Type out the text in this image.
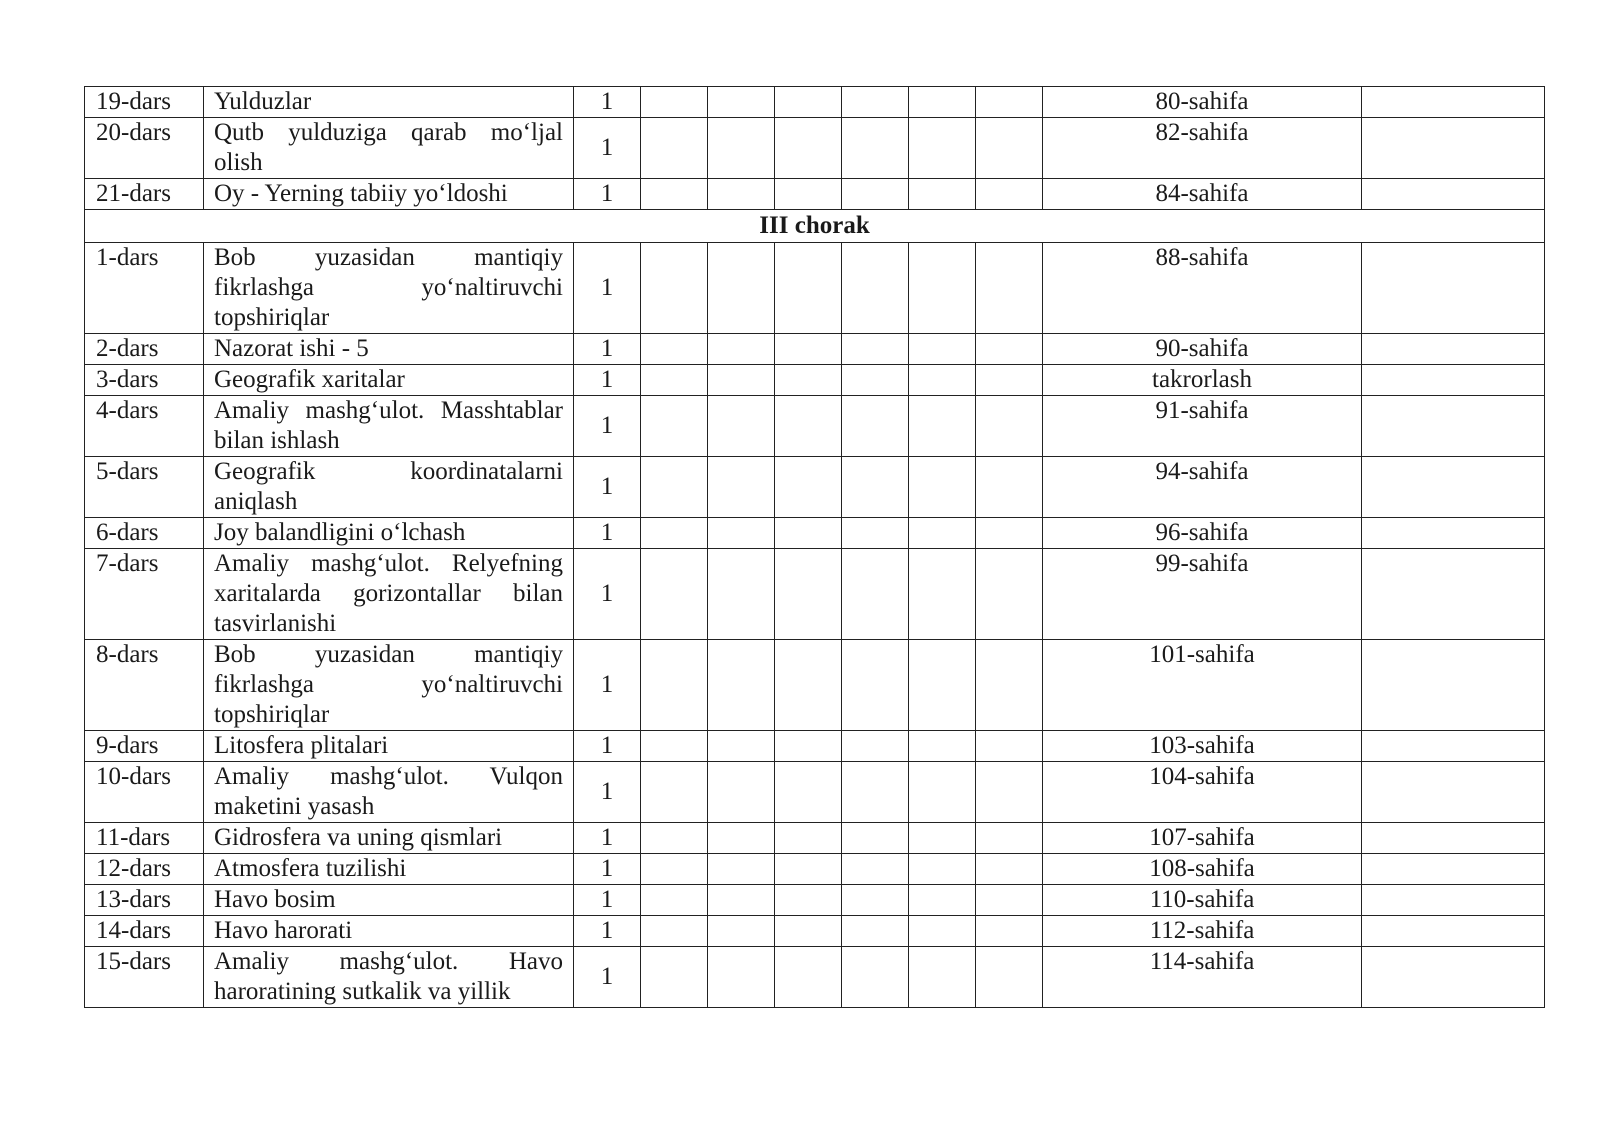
19-dars	Yulduzlar	1							80-sahifa	
20-dars	Qutb yulduziga qarab mo‘ljal olish	1							82-sahifa	
21-dars	Oy - Yerning tabiiy yo‘ldoshi	1							84-sahifa	
III chorak										
1-dars	Bob yuzasidan mantiqiy fikrlashga yo‘naltiruvchi topshiriqlar	1							88-sahifa	
2-dars	Nazorat ishi - 5	1							90-sahifa	
3-dars	Geografik xaritalar	1							takrorlash	
4-dars	Amaliy mashg‘ulot. Masshtablar bilan ishlash	1							91-sahifa	
5-dars	Geografik koordinatalarni aniqlash	1							94-sahifa	
6-dars	Joy balandligini o‘lchash	1							96-sahifa	
7-dars	Amaliy mashg‘ulot. Relyefning xaritalarda gorizontallar bilan tasvirlanishi	1							99-sahifa	
8-dars	Bob yuzasidan mantiqiy fikrlashga yo‘naltiruvchi topshiriqlar	1							101-sahifa	
9-dars	Litosfera plitalari	1							103-sahifa	
10-dars	Amaliy mashg‘ulot. Vulqon maketini yasash	1							104-sahifa	
11-dars	Gidrosfera va uning qismlari	1							107-sahifa	
12-dars	Atmosfera tuzilishi	1							108-sahifa	
13-dars	Havo bosim	1							110-sahifa	
14-dars	Havo harorati	1							112-sahifa	
15-dars	Amaliy mashg‘ulot. Havo haroratining sutkalik va yillik	1							114-sahifa	
